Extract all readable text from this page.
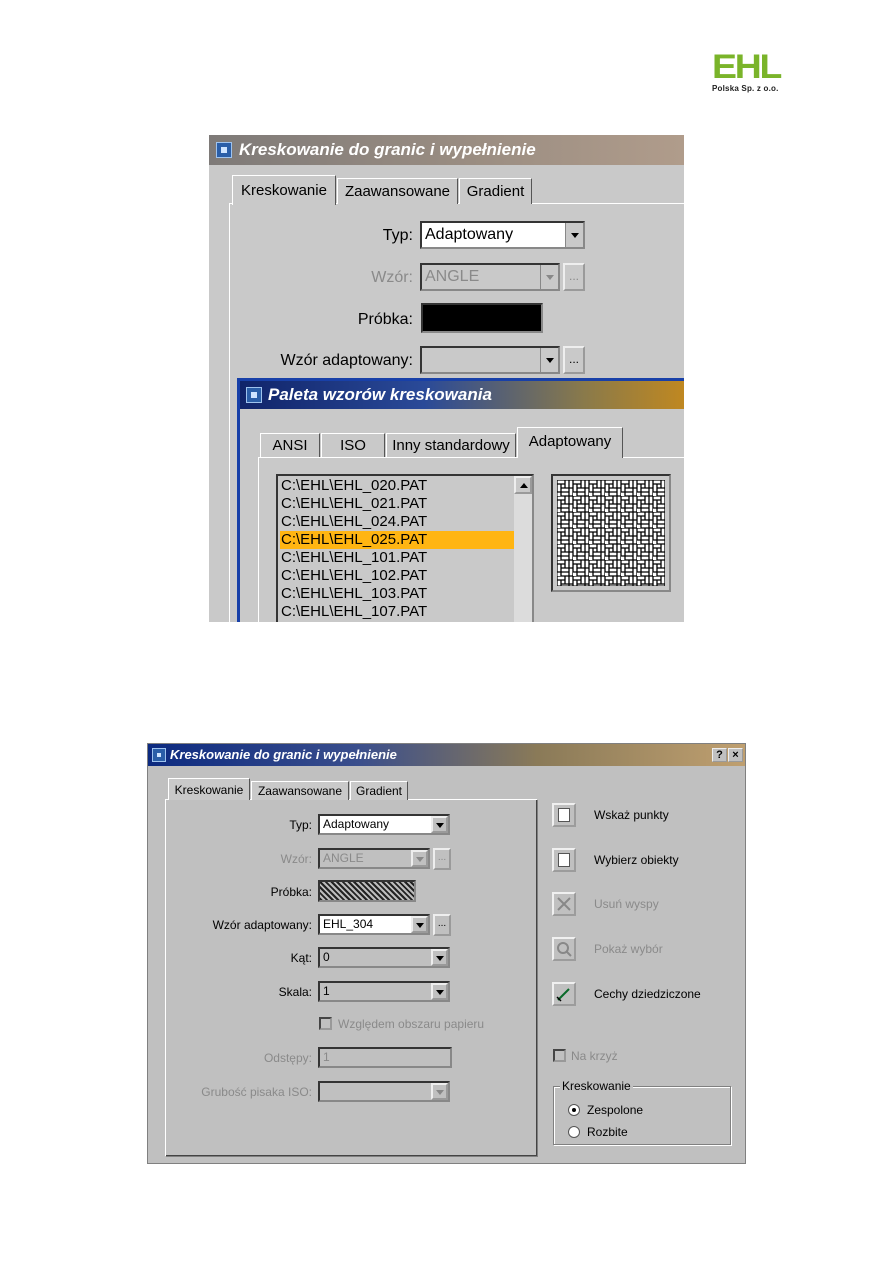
EHL
Polska Sp. z o.o.
Kreskowanie do granic i wypełnienie
Kreskowanie	Zaawansowane	Gradient
Typ: Adaptowany
Wzór: ANGLE	...
Próbka:
Wzór adaptowany:	...
Paleta wzorów kreskowania
ANSI	ISO	Inny standardowy	Adaptowany
C:\EHL\EHL_020.PAT
C:\EHL\EHL_021.PAT
C:\EHL\EHL_024.PAT
C:\EHL\EHL_025.PAT
C:\EHL\EHL_101.PAT
C:\EHL\EHL_102.PAT
C:\EHL\EHL_103.PAT
C:\EHL\EHL_107.PAT
Kreskowanie do granic i wypełnienie	? ×
Kreskowanie	Zaawansowane	Gradient
Typ: Adaptowany
Wzór: ANGLE	...
Próbka:
Wzór adaptowany: EHL_304	...
Kąt: 0
Skala: 1
Względem obszaru papieru
Odstępy: 1
Grubość pisaka ISO:
Wskaż punkty
Wybierz obiekty
Usuń wyspy
Pokaż wybór
Cechy dziedziczone
Na krzyż
Kreskowanie
Zespolone
Rozbite
